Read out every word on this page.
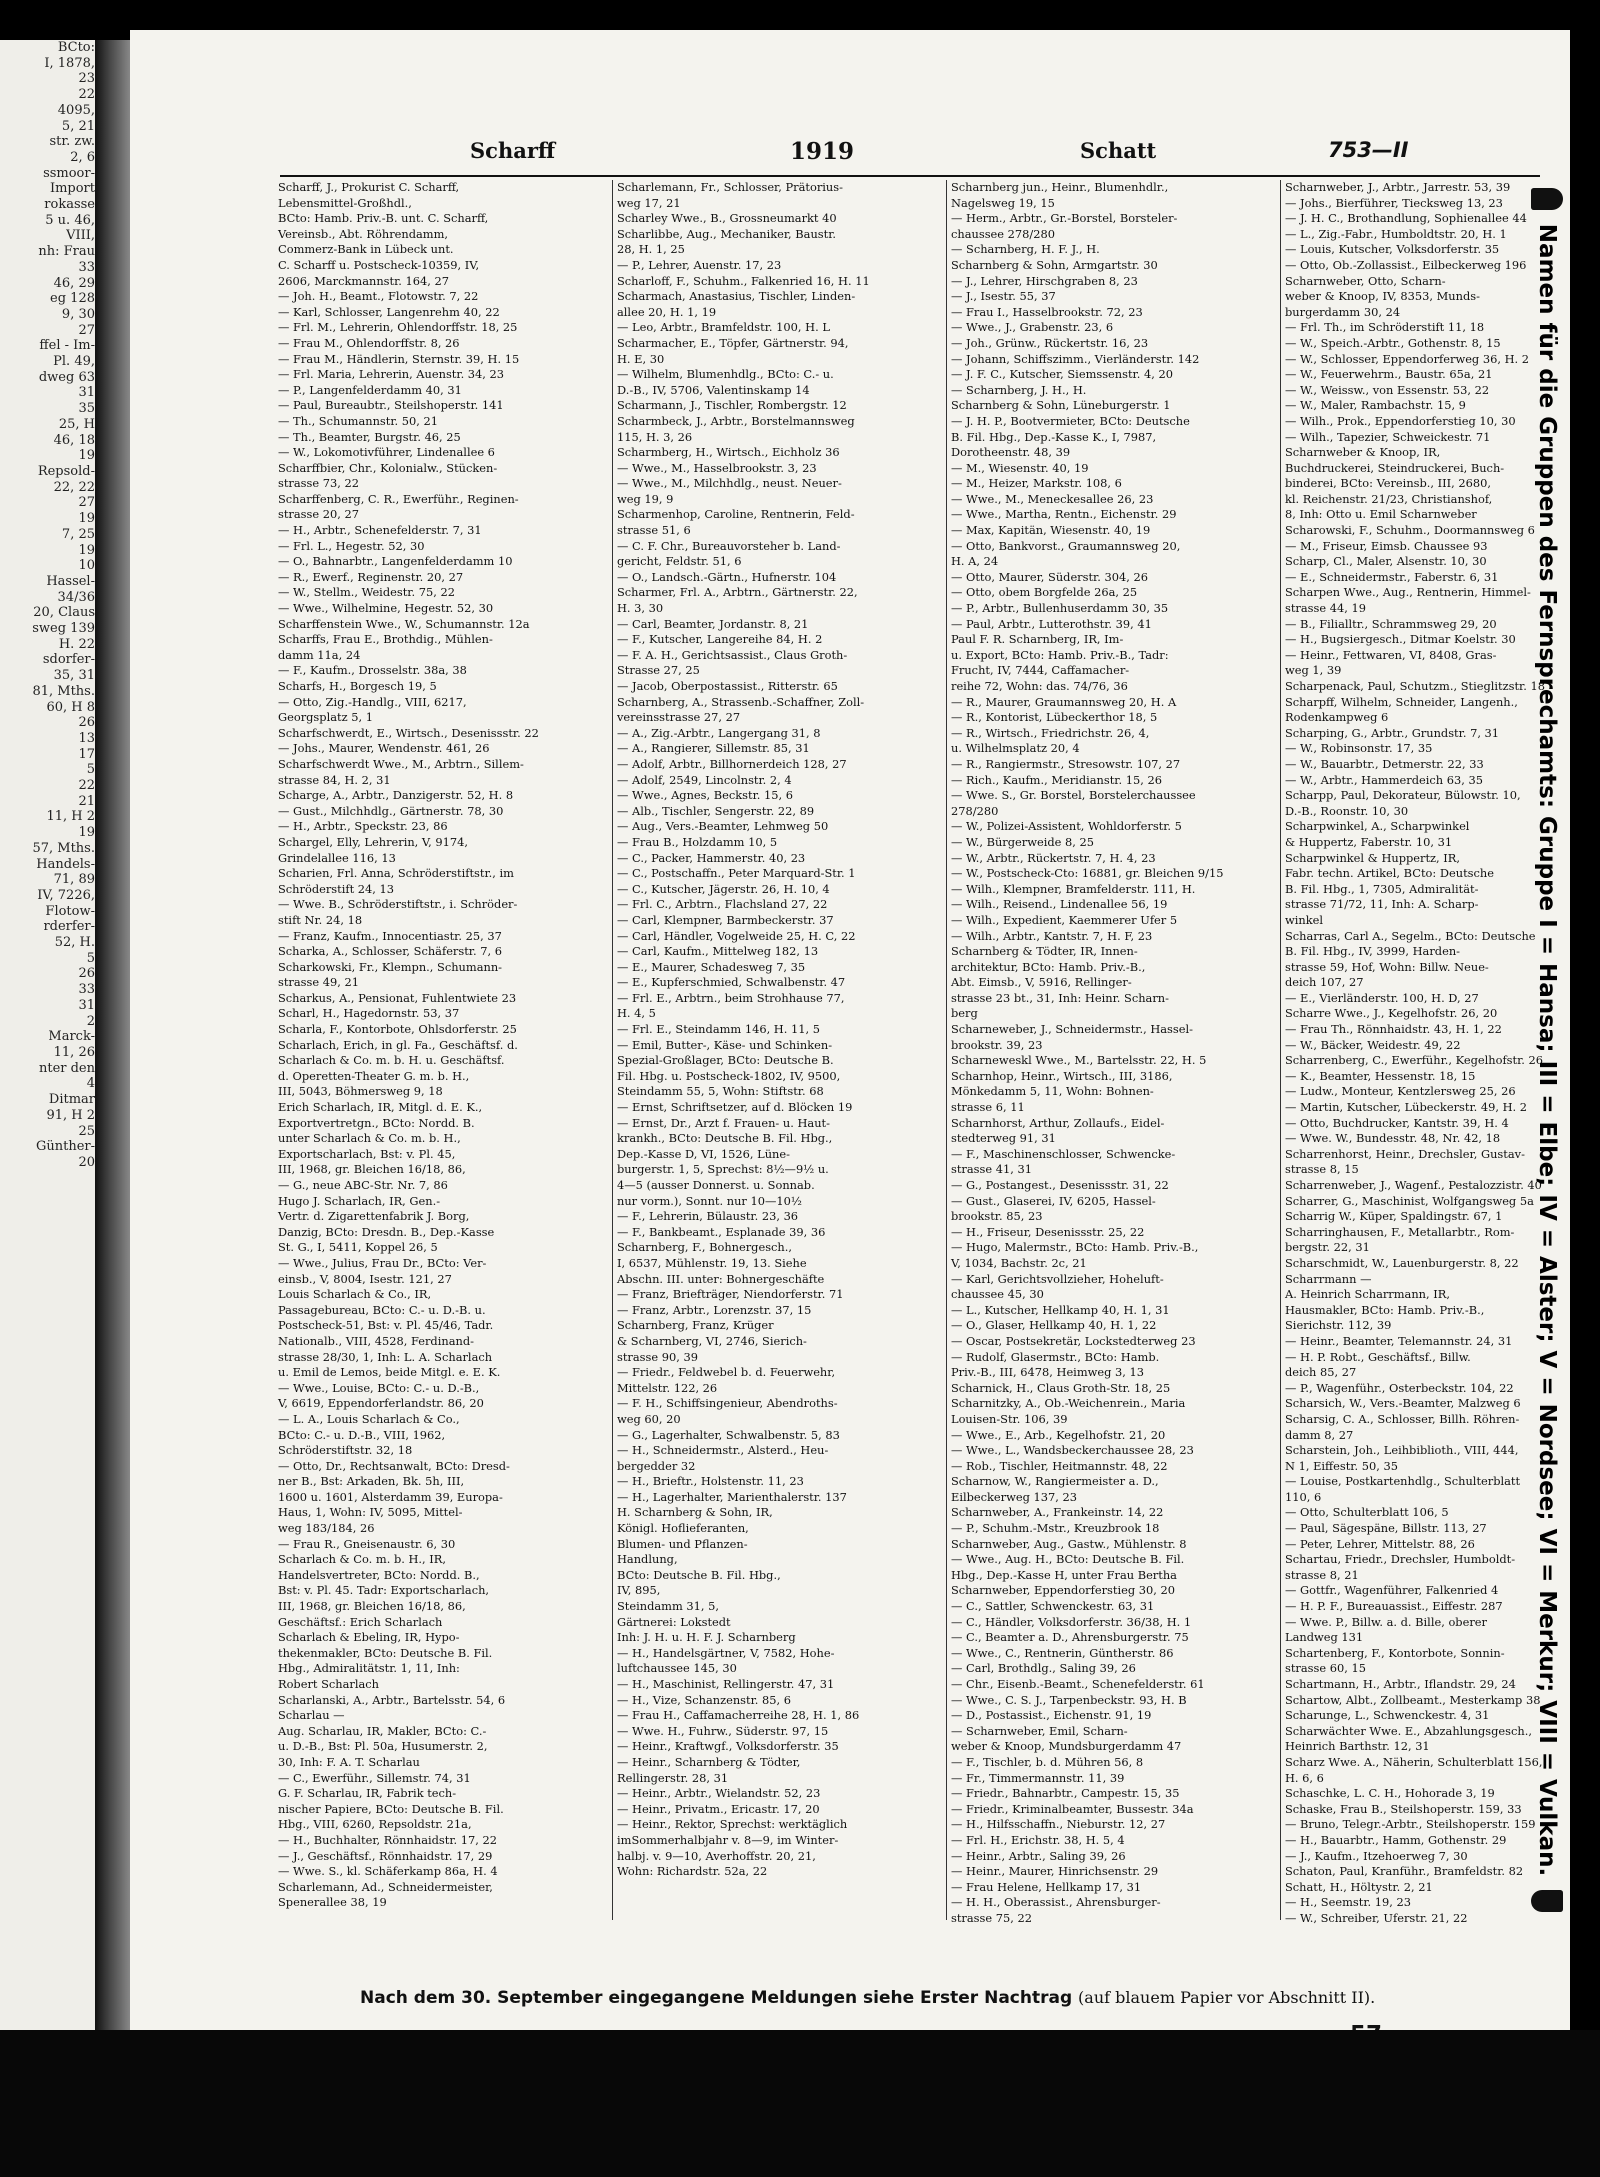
BCto:
I, 1878,
23
22
4095,
5, 21
str. zw.
2, 6
ssmoor-
Import
rokasse
5 u. 46,
VIII,
nh: Frau
33
46, 29
eg 128
9, 30
27
ffel - Im-
Pl. 49,
dweg 63
31
35
25, H
46, 18
19
Repsold-
22, 22
27
19
7, 25
19
10
Hassel-
34/36
20, Claus
sweg 139
H. 22
sdorfer-
35, 31
81, Mths.
60, H 8
26
13
17
5
22
21
11, H 2
19
57, Mths.
Handels-
71, 89
IV, 7226,
Flotow-
rderfer-
52, H.
5
26
33
31
2
Marck-
11, 26
nter den
4
Ditmar
91, H 2
25
Günther-
20
Scharff	1919	Schatt	753—II
Scharff, J., Prokurist C. Scharff,
Lebensmittel-Großhdl.,
BCto: Hamb. Priv.-B. unt. C. Scharff,
Vereinsb., Abt. Röhrendamm,
Commerz-Bank in Lübeck unt.
C. Scharff u. Postscheck-10359, IV,
2606, Marckmannstr. 164, 27
— Joh. H., Beamt., Flotowstr. 7, 22
— Karl, Schlosser, Langenrehm 40, 22
— Frl. M., Lehrerin, Ohlendorffstr. 18, 25
— Frau M., Ohlendorffstr. 8, 26
— Frau M., Händlerin, Sternstr. 39, H. 15
— Frl. Maria, Lehrerin, Auenstr. 34, 23
— P., Langenfelderdamm 40, 31
— Paul, Bureaubtr., Steilshoperstr. 141
— Th., Schumannstr. 50, 21
— Th., Beamter, Burgstr. 46, 25
— W., Lokomotivführer, Lindenallee 6
Scharffbier, Chr., Kolonialw., Stücken-
strasse 73, 22
Scharffenberg, C. R., Ewerführ., Reginen-
strasse 20, 27
— H., Arbtr., Schenefelderstr. 7, 31
— Frl. L., Hegestr. 52, 30
— O., Bahnarbtr., Langenfelderdamm 10
— R., Ewerf., Reginenstr. 20, 27
— W., Stellm., Weidestr. 75, 22
— Wwe., Wilhelmine, Hegestr. 52, 30
Scharffenstein Wwe., W., Schumannstr. 12a
Scharffs, Frau E., Brothdig., Mühlen-
damm 11a, 24
— F., Kaufm., Drosselstr. 38a, 38
Scharfs, H., Borgesch 19, 5
— Otto, Zig.-Handlg., VIII, 6217,
Georgsplatz 5, 1
Scharfschwerdt, E., Wirtsch., Desenissstr. 22
— Johs., Maurer, Wendenstr. 461, 26
Scharfschwerdt Wwe., M., Arbtrn., Sillem-
strasse 84, H. 2, 31
Scharge, A., Arbtr., Danzigerstr. 52, H. 8
— Gust., Milchhdlg., Gärtnerstr. 78, 30
— H., Arbtr., Speckstr. 23, 86
Schargel, Elly, Lehrerin, V, 9174,
Grindelallee 116, 13
Scharien, Frl. Anna, Schröderstiftstr., im
Schröderstift 24, 13
— Wwe. B., Schröderstiftstr., i. Schröder-
stift Nr. 24, 18
— Franz, Kaufm., Innocentiastr. 25, 37
Scharka, A., Schlosser, Schäferstr. 7, 6
Scharkowski, Fr., Klempn., Schumann-
strasse 49, 21
Scharkus, A., Pensionat, Fuhlentwiete 23
Scharl, H., Hagedornstr. 53, 37
Scharla, F., Kontorbote, Ohlsdorferstr. 25
Scharlach, Erich, in gl. Fa., Geschäftsf. d.
Scharlach & Co. m. b. H. u. Geschäftsf.
d. Operetten-Theater G. m. b. H.,
III, 5043, Böhmersweg 9, 18
Erich Scharlach, IR, Mitgl. d. E. K.,
Exportvertretgn., BCto: Nordd. B.
unter Scharlach & Co. m. b. H.,
Exportscharlach, Bst: v. Pl. 45,
III, 1968, gr. Bleichen 16/18, 86,
— G., neue ABC-Str. Nr. 7, 86
Hugo J. Scharlach, IR, Gen.-
Vertr. d. Zigarettenfabrik J. Borg,
Danzig, BCto: Dresdn. B., Dep.-Kasse
St. G., I, 5411, Koppel 26, 5
— Wwe., Julius, Frau Dr., BCto: Ver-
einsb., V, 8004, Isestr. 121, 27
Louis Scharlach & Co., IR,
Passagebureau, BCto: C.- u. D.-B. u.
Postscheck-51, Bst: v. Pl. 45/46, Tadr.
Nationalb., VIII, 4528, Ferdinand-
strasse 28/30, 1, Inh: L. A. Scharlach
u. Emil de Lemos, beide Mitgl. e. E. K.
— Wwe., Louise, BCto: C.- u. D.-B.,
V, 6619, Eppendorferlandstr. 86, 20
— L. A., Louis Scharlach & Co.,
BCto: C.- u. D.-B., VIII, 1962,
Schröderstiftstr. 32, 18
— Otto, Dr., Rechtsanwalt, BCto: Dresd-
ner B., Bst: Arkaden, Bk. 5h, III,
1600 u. 1601, Alsterdamm 39, Europa-
Haus, 1, Wohn: IV, 5095, Mittel-
weg 183/184, 26
— Frau R., Gneisenaustr. 6, 30
Scharlach & Co. m. b. H., IR,
Handelsvertreter, BCto: Nordd. B.,
Bst: v. Pl. 45. Tadr: Exportscharlach,
III, 1968, gr. Bleichen 16/18, 86,
Geschäftsf.: Erich Scharlach
Scharlach & Ebeling, IR, Hypo-
thekenmakler, BCto: Deutsche B. Fil.
Hbg., Admiralitätstr. 1, 11, Inh:
Robert Scharlach
Scharlanski, A., Arbtr., Bartelsstr. 54, 6
Scharlau —
Aug. Scharlau, IR, Makler, BCto: C.-
u. D.-B., Bst: Pl. 50a, Husumerstr. 2,
30, Inh: F. A. T. Scharlau
— C., Ewerführ., Sillemstr. 74, 31
G. F. Scharlau, IR, Fabrik tech-
nischer Papiere, BCto: Deutsche B. Fil.
Hbg., VIII, 6260, Repsoldstr. 21a,
— H., Buchhalter, Rönnhaidstr. 17, 22
— J., Geschäftsf., Rönnhaidstr. 17, 29
— Wwe. S., kl. Schäferkamp 86a, H. 4
Scharlemann, Ad., Schneidermeister,
Spenerallee 38, 19
Scharlemann, Fr., Schlosser, Prätorius-
weg 17, 21
Scharley Wwe., B., Grossneumarkt 40
Scharlibbe, Aug., Mechaniker, Baustr.
28, H. 1, 25
— P., Lehrer, Auenstr. 17, 23
Scharloff, F., Schuhm., Falkenried 16, H. 11
Scharmach, Anastasius, Tischler, Linden-
allee 20, H. 1, 19
— Leo, Arbtr., Bramfeldstr. 100, H. L
Scharmacher, E., Töpfer, Gärtnerstr. 94,
H. E, 30
— Wilhelm, Blumenhdlg., BCto: C.- u.
D.-B., IV, 5706, Valentinskamp 14
Scharmann, J., Tischler, Rombergstr. 12
Scharmbeck, J., Arbtr., Borstelmannsweg
115, H. 3, 26
Scharmberg, H., Wirtsch., Eichholz 36
— Wwe., M., Hasselbrookstr. 3, 23
— Wwe., M., Milchhdlg., neust. Neuer-
weg 19, 9
Scharmenhop, Caroline, Rentnerin, Feld-
strasse 51, 6
— C. F. Chr., Bureauvorsteher b. Land-
gericht, Feldstr. 51, 6
— O., Landsch.-Gärtn., Hufnerstr. 104
Scharmer, Frl. A., Arbtrn., Gärtnerstr. 22,
H. 3, 30
— Carl, Beamter, Jordanstr. 8, 21
— F., Kutscher, Langereihe 84, H. 2
— F. A. H., Gerichtsassist., Claus Groth-
Strasse 27, 25
— Jacob, Oberpostassist., Ritterstr. 65
Scharnberg, A., Strassenb.-Schaffner, Zoll-
vereinsstrasse 27, 27
— A., Zig.-Arbtr., Langergang 31, 8
— A., Rangierer, Sillemstr. 85, 31
— Adolf, Arbtr., Billhornerdeich 128, 27
— Adolf, 2549, Lincolnstr. 2, 4
— Wwe., Agnes, Beckstr. 15, 6
— Alb., Tischler, Sengerstr. 22, 89
— Aug., Vers.-Beamter, Lehmweg 50
— Frau B., Holzdamm 10, 5
— C., Packer, Hammerstr. 40, 23
— C., Postschaffn., Peter Marquard-Str. 1
— C., Kutscher, Jägerstr. 26, H. 10, 4
— Frl. C., Arbtrn., Flachsland 27, 22
— Carl, Klempner, Barmbeckerstr. 37
— Carl, Händler, Vogelweide 25, H. C, 22
— Carl, Kaufm., Mittelweg 182, 13
— E., Maurer, Schadesweg 7, 35
— E., Kupferschmied, Schwalbenstr. 47
— Frl. E., Arbtrn., beim Strohhause 77,
H. 4, 5
— Frl. E., Steindamm 146, H. 11, 5
— Emil, Butter-, Käse- und Schinken-
Spezial-Großlager, BCto: Deutsche B.
Fil. Hbg. u. Postscheck-1802, IV, 9500,
Steindamm 55, 5, Wohn: Stiftstr. 68
— Ernst, Schriftsetzer, auf d. Blöcken 19
— Ernst, Dr., Arzt f. Frauen- u. Haut-
krankh., BCto: Deutsche B. Fil. Hbg.,
Dep.-Kasse D, VI, 1526, Lüne-
burgerstr. 1, 5, Sprechst: 8½—9½ u.
4—5 (ausser Donnerst. u. Sonnab.
nur vorm.), Sonnt. nur 10—10½
— F., Lehrerin, Bülaustr. 23, 36
— F., Bankbeamt., Esplanade 39, 36
Scharnberg, F., Bohnergesch.,
I, 6537, Mühlenstr. 19, 13. Siehe
Abschn. III. unter: Bohnergeschäfte
— Franz, Briefträger, Niendorferstr. 71
— Franz, Arbtr., Lorenzstr. 37, 15
Scharnberg, Franz, Krüger
& Scharnberg, VI, 2746, Sierich-
strasse 90, 39
— Friedr., Feldwebel b. d. Feuerwehr,
Mittelstr. 122, 26
— F. H., Schiffsingenieur, Abendroths-
weg 60, 20
— G., Lagerhalter, Schwalbenstr. 5, 83
— H., Schneidermstr., Alsterd., Heu-
bergedder 32
— H., Brieftr., Holstenstr. 11, 23
— H., Lagerhalter, Marienthalerstr. 137
H. Scharnberg & Sohn, IR,
Königl. Hoflieferanten,
Blumen- und Pflanzen-
Handlung,
BCto: Deutsche B. Fil. Hbg.,
IV, 895,
Steindamm 31, 5,
Gärtnerei: Lokstedt
Inh: J. H. u. H. F. J. Scharnberg
— H., Handelsgärtner, V, 7582, Hohe-
luftchaussee 145, 30
— H., Maschinist, Rellingerstr. 47, 31
— H., Vize, Schanzenstr. 85, 6
— Frau H., Caffamacherreihe 28, H. 1, 86
— Wwe. H., Fuhrw., Süderstr. 97, 15
— Heinr., Kraftwgf., Volksdorferstr. 35
— Heinr., Scharnberg & Tödter,
Rellingerstr. 28, 31
— Heinr., Arbtr., Wielandstr. 52, 23
— Heinr., Privatm., Ericastr. 17, 20
— Heinr., Rektor, Sprechst: werktäglich
imSommerhalbjahr v. 8—9, im Winter-
halbj. v. 9—10, Averhoffstr. 20, 21,
Wohn: Richardstr. 52a, 22
Scharnberg jun., Heinr., Blumenhdlr.,
Nagelsweg 19, 15
— Herm., Arbtr., Gr.-Borstel, Borsteler-
chaussee 278/280
— Scharnberg, H. F. J., H.
Scharnberg & Sohn, Armgartstr. 30
— J., Lehrer, Hirschgraben 8, 23
— J., Isestr. 55, 37
— Frau I., Hasselbrookstr. 72, 23
— Wwe., J., Grabenstr. 23, 6
— Joh., Grünw., Rückertstr. 16, 23
— Johann, Schiffszimm., Vierländerstr. 142
— J. F. C., Kutscher, Siemssenstr. 4, 20
— Scharnberg, J. H., H.
Scharnberg & Sohn, Lüneburgerstr. 1
— J. H. P., Bootvermieter, BCto: Deutsche
B. Fil. Hbg., Dep.-Kasse K., I, 7987,
Dorotheenstr. 48, 39
— M., Wiesenstr. 40, 19
— M., Heizer, Markstr. 108, 6
— Wwe., M., Meneckesallee 26, 23
— Wwe., Martha, Rentn., Eichenstr. 29
— Max, Kapitän, Wiesenstr. 40, 19
— Otto, Bankvorst., Graumannsweg 20,
H. A, 24
— Otto, Maurer, Süderstr. 304, 26
— Otto, obem Borgfelde 26a, 25
— P., Arbtr., Bullenhuserdamm 30, 35
— Paul, Arbtr., Lutterothstr. 39, 41
Paul F. R. Scharnberg, IR, Im-
u. Export, BCto: Hamb. Priv.-B., Tadr:
Frucht, IV, 7444, Caffamacher-
reihe 72, Wohn: das. 74/76, 36
— R., Maurer, Graumannsweg 20, H. A
— R., Kontorist, Lübeckerthor 18, 5
— R., Wirtsch., Friedrichstr. 26, 4,
u. Wilhelmsplatz 20, 4
— R., Rangiermstr., Stresowstr. 107, 27
— Rich., Kaufm., Meridianstr. 15, 26
— Wwe. S., Gr. Borstel, Borstelerchaussee
278/280
— W., Polizei-Assistent, Wohldorferstr. 5
— W., Bürgerweide 8, 25
— W., Arbtr., Rückertstr. 7, H. 4, 23
— W., Postscheck-Cto: 16881, gr. Bleichen 9/15
— Wilh., Klempner, Bramfelderstr. 111, H.
— Wilh., Reisend., Lindenallee 56, 19
— Wilh., Expedient, Kaemmerer Ufer 5
— Wilh., Arbtr., Kantstr. 7, H. F, 23
Scharnberg & Tödter, IR, Innen-
architektur, BCto: Hamb. Priv.-B.,
Abt. Eimsb., V, 5916, Rellinger-
strasse 23 bt., 31, Inh: Heinr. Scharn-
berg
Scharneweber, J., Schneidermstr., Hassel-
brookstr. 39, 23
Scharneweskl Wwe., M., Bartelsstr. 22, H. 5
Scharnhop, Heinr., Wirtsch., III, 3186,
Mönkedamm 5, 11, Wohn: Bohnen-
strasse 6, 11
Scharnhorst, Arthur, Zollaufs., Eidel-
stedterweg 91, 31
— F., Maschinenschlosser, Schwencke-
strasse 41, 31
— G., Postangest., Desenissstr. 31, 22
— Gust., Glaserei, IV, 6205, Hassel-
brookstr. 85, 23
— H., Friseur, Desenissstr. 25, 22
— Hugo, Malermstr., BCto: Hamb. Priv.-B.,
V, 1034, Bachstr. 2c, 21
— Karl, Gerichtsvollzieher, Hoheluft-
chaussee 45, 30
— L., Kutscher, Hellkamp 40, H. 1, 31
— O., Glaser, Hellkamp 40, H. 1, 22
— Oscar, Postsekretär, Lockstedterweg 23
— Rudolf, Glasermstr., BCto: Hamb.
Priv.-B., III, 6478, Heimweg 3, 13
Scharnick, H., Claus Groth-Str. 18, 25
Scharnitzky, A., Ob.-Weichenrein., Maria
Louisen-Str. 106, 39
— Wwe., E., Arb., Kegelhofstr. 21, 20
— Wwe., L., Wandsbeckerchaussee 28, 23
— Rob., Tischler, Heitmannstr. 48, 22
Scharnow, W., Rangiermeister a. D.,
Eilbeckerweg 137, 23
Scharnweber, A., Frankeinstr. 14, 22
— P., Schuhm.-Mstr., Kreuzbrook 18
Scharnweber, Aug., Gastw., Mühlenstr. 8
— Wwe., Aug. H., BCto: Deutsche B. Fil.
Hbg., Dep.-Kasse H, unter Frau Bertha
Scharnweber, Eppendorferstieg 30, 20
— C., Sattler, Schwenckestr. 63, 31
— C., Händler, Volksdorferstr. 36/38, H. 1
— C., Beamter a. D., Ahrensburgerstr. 75
— Wwe., C., Rentnerin, Güntherstr. 86
— Carl, Brothdlg., Saling 39, 26
— Chr., Eisenb.-Beamt., Schenefelderstr. 61
— Wwe., C. S. J., Tarpenbeckstr. 93, H. B
— D., Postassist., Eichenstr. 91, 19
— Scharnweber, Emil, Scharn-
weber & Knoop, Mundsburgerdamm 47
— F., Tischler, b. d. Mühren 56, 8
— Fr., Timmermannstr. 11, 39
— Friedr., Bahnarbtr., Campestr. 15, 35
— Friedr., Kriminalbeamter, Bussestr. 34a
— H., Hilfsschaffn., Nieburstr. 12, 27
— Frl. H., Erichstr. 38, H. 5, 4
— Heinr., Arbtr., Saling 39, 26
— Heinr., Maurer, Hinrichsenstr. 29
— Frau Helene, Hellkamp 17, 31
— H. H., Oberassist., Ahrensburger-
strasse 75, 22
Scharnweber, J., Arbtr., Jarrestr. 53, 39
— Johs., Bierführer, Tiecksweg 13, 23
— J. H. C., Brothandlung, Sophienallee 44
— L., Zig.-Fabr., Humboldtstr. 20, H. 1
— Louis, Kutscher, Volksdorferstr. 35
— Otto, Ob.-Zollassist., Eilbeckerweg 196
Scharnweber, Otto, Scharn-
weber & Knoop, IV, 8353, Munds-
burgerdamm 30, 24
— Frl. Th., im Schröderstift 11, 18
— W., Speich.-Arbtr., Gothenstr. 8, 15
— W., Schlosser, Eppendorferweg 36, H. 2
— W., Feuerwehrm., Baustr. 65a, 21
— W., Weissw., von Essenstr. 53, 22
— W., Maler, Rambachstr. 15, 9
— Wilh., Prok., Eppendorferstieg 10, 30
— Wilh., Tapezier, Schweickestr. 71
Scharnweber & Knoop, IR,
Buchdruckerei, Steindruckerei, Buch-
binderei, BCto: Vereinsb., III, 2680,
kl. Reichenstr. 21/23, Christianshof,
8, Inh: Otto u. Emil Scharnweber
Scharowski, F., Schuhm., Doormannsweg 6
— M., Friseur, Eimsb. Chaussee 93
Scharp, Cl., Maler, Alsenstr. 10, 30
— E., Schneidermstr., Faberstr. 6, 31
Scharpen Wwe., Aug., Rentnerin, Himmel-
strasse 44, 19
— B., Filialltr., Schrammsweg 29, 20
— H., Bugsiergesch., Ditmar Koelstr. 30
— Heinr., Fettwaren, VI, 8408, Gras-
weg 1, 39
Scharpenack, Paul, Schutzm., Stieglitzstr. 18
Scharpff, Wilhelm, Schneider, Langenh.,
Rodenkampweg 6
Scharping, G., Arbtr., Grundstr. 7, 31
— W., Robinsonstr. 17, 35
— W., Bauarbtr., Detmerstr. 22, 33
— W., Arbtr., Hammerdeich 63, 35
Scharpp, Paul, Dekorateur, Bülowstr. 10,
D.-B., Roonstr. 10, 30
Scharpwinkel, A., Scharpwinkel
& Huppertz, Faberstr. 10, 31
Scharpwinkel & Huppertz, IR,
Fabr. techn. Artikel, BCto: Deutsche
B. Fil. Hbg., 1, 7305, Admiralität-
strasse 71/72, 11, Inh: A. Scharp-
winkel
Scharras, Carl A., Segelm., BCto: Deutsche
B. Fil. Hbg., IV, 3999, Harden-
strasse 59, Hof, Wohn: Billw. Neue-
deich 107, 27
— E., Vierländerstr. 100, H. D, 27
Scharre Wwe., J., Kegelhofstr. 26, 20
— Frau Th., Rönnhaidstr. 43, H. 1, 22
— W., Bäcker, Weidestr. 49, 22
Scharrenberg, C., Ewerführ., Kegelhofstr. 26
— K., Beamter, Hessenstr. 18, 15
— Ludw., Monteur, Kentzlersweg 25, 26
— Martin, Kutscher, Lübeckerstr. 49, H. 2
— Otto, Buchdrucker, Kantstr. 39, H. 4
— Wwe. W., Bundesstr. 48, Nr. 42, 18
Scharrenhorst, Heinr., Drechsler, Gustav-
strasse 8, 15
Scharrenweber, J., Wagenf., Pestalozzistr. 40
Scharrer, G., Maschinist, Wolfgangsweg 5a
Scharrig W., Küper, Spaldingstr. 67, 1
Scharringhausen, F., Metallarbtr., Rom-
bergstr. 22, 31
Scharschmidt, W., Lauenburgerstr. 8, 22
Scharrmann —
A. Heinrich Scharrmann, IR,
Hausmakler, BCto: Hamb. Priv.-B.,
Sierichstr. 112, 39
— Heinr., Beamter, Telemannstr. 24, 31
— H. P. Robt., Geschäftsf., Billw.
deich 85, 27
— P., Wagenführ., Osterbeckstr. 104, 22
Scharsich, W., Vers.-Beamter, Malzweg 6
Scharsig, C. A., Schlosser, Billh. Röhren-
damm 8, 27
Scharstein, Joh., Leihbiblioth., VIII, 444,
N 1, Eiffestr. 50, 35
— Louise, Postkartenhdlg., Schulterblatt
110, 6
— Otto, Schulterblatt 106, 5
— Paul, Sägespäne, Billstr. 113, 27
— Peter, Lehrer, Mittelstr. 88, 26
Schartau, Friedr., Drechsler, Humboldt-
strasse 8, 21
— Gottfr., Wagenführer, Falkenried 4
— H. P. F., Bureauassist., Eiffestr. 287
— Wwe. P., Billw. a. d. Bille, oberer
Landweg 131
Schartenberg, F., Kontorbote, Sonnin-
strasse 60, 15
Schartmann, H., Arbtr., Iflandstr. 29, 24
Schartow, Albt., Zollbeamt., Mesterkamp 38
Scharunge, L., Schwenckestr. 4, 31
Scharwächter Wwe. E., Abzahlungsgesch.,
Heinrich Barthstr. 12, 31
Scharz Wwe. A., Näherin, Schulterblatt 156,
H. 6, 6
Schaschke, L. C. H., Hohorade 3, 19
Schaske, Frau B., Steilshoperstr. 159, 33
— Bruno, Telegr.-Arbtr., Steilshoperstr. 159
— H., Bauarbtr., Hamm, Gothenstr. 29
— J., Kaufm., Itzehoerweg 7, 30
Schaton, Paul, Kranführ., Bramfeldstr. 82
Schatt, H., Höltystr. 2, 21
— H., Seemstr. 19, 23
— W., Schreiber, Uferstr. 21, 22
Namen für die Gruppen des Fernsprechamts: Gruppe I = Hansa; III = Elbe; IV = Alster; V = Nordsee; VI = Merkur; VIII = Vulkan.
Nach dem 30. September eingegangene Meldungen siehe Erster Nachtrag (auf blauem Papier vor Abschnitt II).
